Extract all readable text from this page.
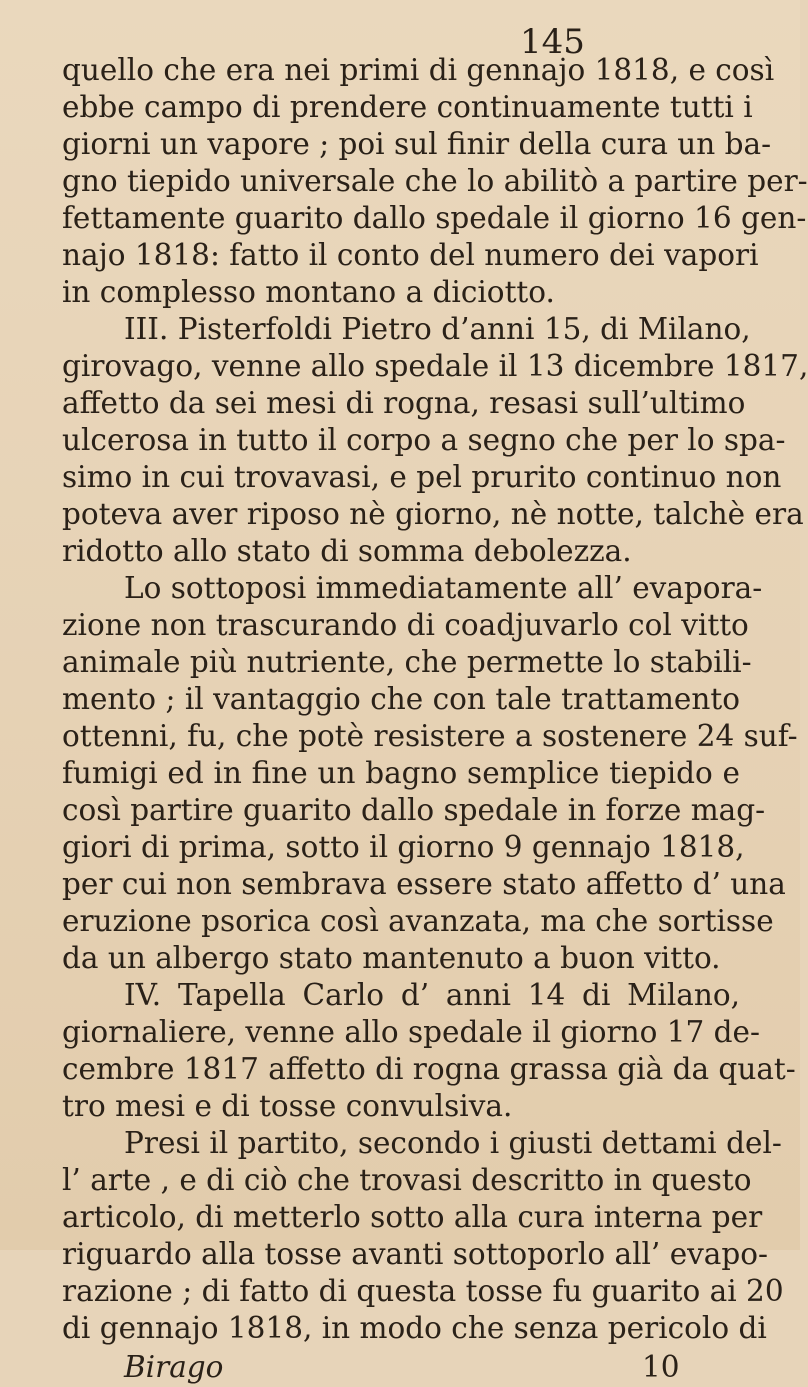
145
quello che era nei primi di gennajo 1818, e così
ebbe campo di prendere continuamente tutti i
giorni un vapore ; poi sul finir della cura un ba-
gno tiepido universale che lo abilitò a partire per-
fettamente guarito dallo spedale il giorno 16 gen-
najo 1818: fatto il conto del numero dei vapori
in complesso montano a diciotto.
III. Pisterfoldi Pietro d’anni 15, di Milano,
girovago, venne allo spedale il 13 dicembre 1817,
affetto da sei mesi di rogna, resasi sull’ultimo
ulcerosa in tutto il corpo a segno che per lo spa-
simo in cui trovavasi, e pel prurito continuo non
poteva aver riposo nè giorno, nè notte, talchè era
ridotto allo stato di somma debolezza.
Lo sottoposi immediatamente all’ evapora-
zione non trascurando di coadjuvarlo col vitto
animale più nutriente, che permette lo stabili-
mento ; il vantaggio che con tale trattamento
ottenni, fu, che potè resistere a sostenere 24 suf-
fumigi ed in fine un bagno semplice tiepido e
così partire guarito dallo spedale in forze mag-
giori di prima, sotto il giorno 9 gennajo 1818,
per cui non sembrava essere stato affetto d’ una
eruzione psorica così avanzata, ma che sortisse
da un albergo stato mantenuto a buon vitto.
IV. Tapella Carlo d’ anni 14 di Milano,
giornaliere, venne allo spedale il giorno 17 de-
cembre 1817 affetto di rogna grassa già da quat-
tro mesi e di tosse convulsiva.
Presi il partito, secondo i giusti dettami del-
l’ arte , e di ciò che trovasi descritto in questo
articolo, di metterlo sotto alla cura interna per
riguardo alla tosse avanti sottoporlo all’ evapo-
razione ; di fatto di questa tosse fu guarito ai 20
di gennajo 1818, in modo che senza pericolo di
Birago	10
